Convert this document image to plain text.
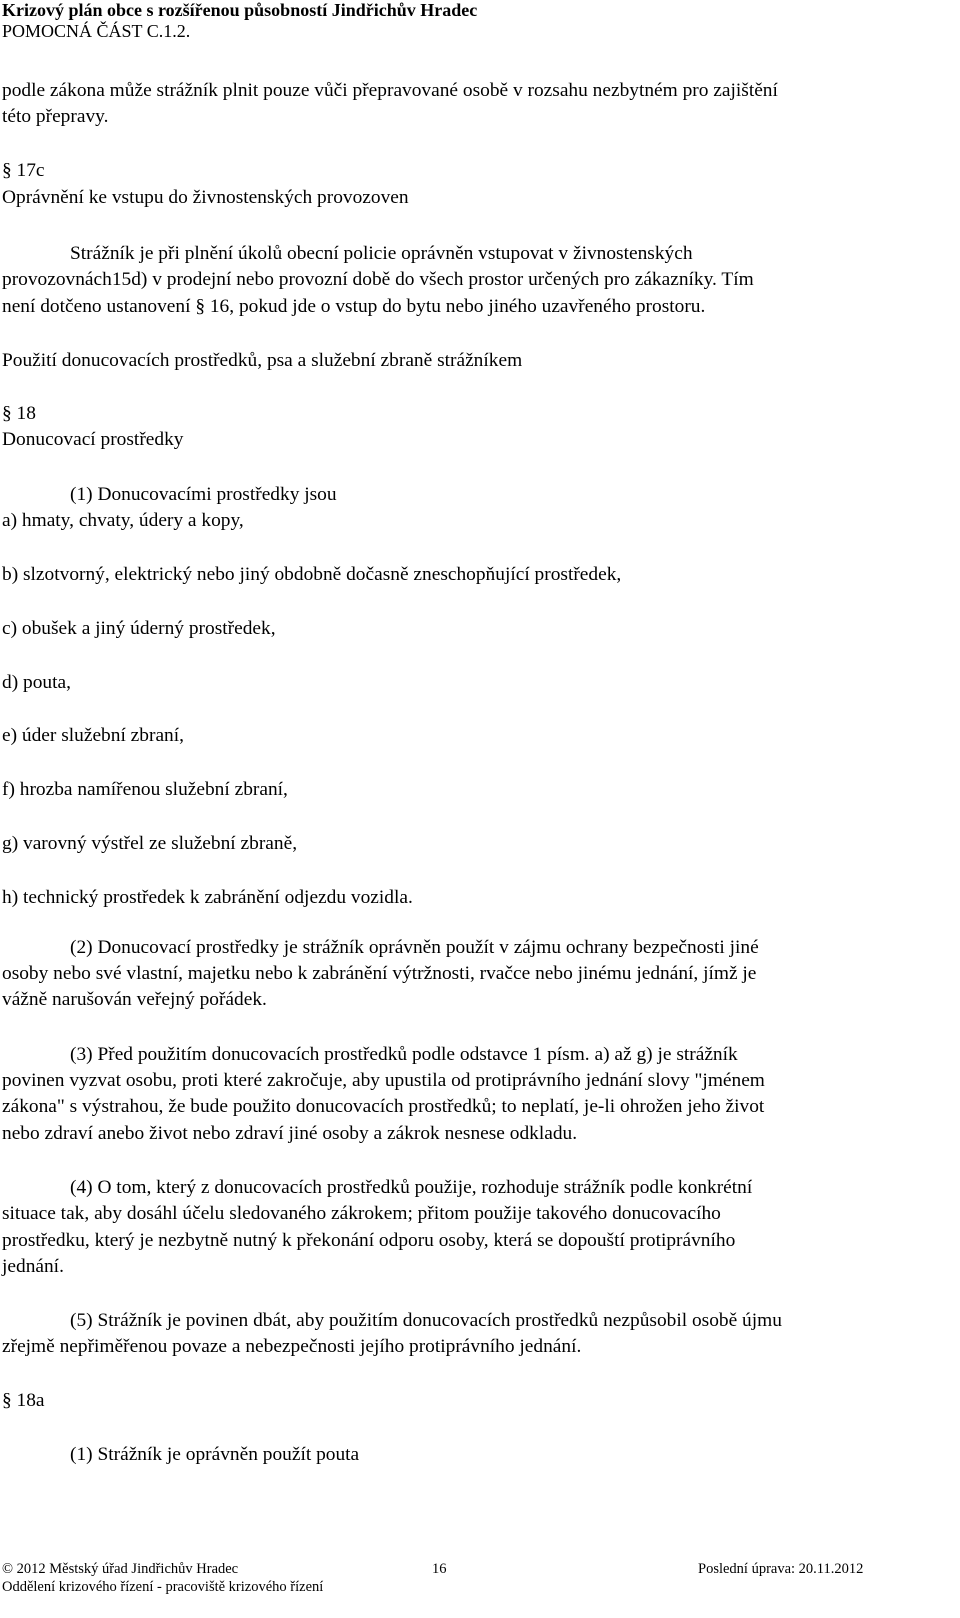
Krizový plán obce s rozšířenou působností Jindřichův Hradec
POMOCNÁ ČÁST C.1.2.
podle zákona může strážník plnit pouze vůči přepravované osobě v rozsahu nezbytném pro zajištění
této přepravy.
§ 17c
Oprávnění ke vstupu do živnostenských provozoven
Strážník je při plnění úkolů obecní policie oprávněn vstupovat v živnostenských
provozovnách15d) v prodejní nebo provozní době do všech prostor určených pro zákazníky. Tím
není dotčeno ustanovení § 16, pokud jde o vstup do bytu nebo jiného uzavřeného prostoru.
Použití donucovacích prostředků, psa a služební zbraně strážníkem
§ 18
Donucovací prostředky
(1) Donucovacími prostředky jsou
a) hmaty, chvaty, údery a kopy,
b) slzotvorný, elektrický nebo jiný obdobně dočasně zneschopňující prostředek,
c) obušek a jiný úderný prostředek,
d) pouta,
e) úder služební zbraní,
f) hrozba namířenou služební zbraní,
g) varovný výstřel ze služební zbraně,
h) technický prostředek k zabránění odjezdu vozidla.
(2) Donucovací prostředky je strážník oprávněn použít v zájmu ochrany bezpečnosti jiné
osoby nebo své vlastní, majetku nebo k zabránění výtržnosti, rvačce nebo jinému jednání, jímž je
vážně narušován veřejný pořádek.
(3) Před použitím donucovacích prostředků podle odstavce 1 písm. a) až g) je strážník
povinen vyzvat osobu, proti které zakročuje, aby upustila od protiprávního jednání slovy "jménem
zákona" s výstrahou, že bude použito donucovacích prostředků; to neplatí, je-li ohrožen jeho život
nebo zdraví anebo život nebo zdraví jiné osoby a zákrok nesnese odkladu.
(4) O tom, který z donucovacích prostředků použije, rozhoduje strážník podle konkrétní
situace tak, aby dosáhl účelu sledovaného zákrokem; přitom použije takového donucovacího
prostředku, který je nezbytně nutný k překonání odporu osoby, která se dopouští protiprávního
jednání.
(5) Strážník je povinen dbát, aby použitím donucovacích prostředků nezpůsobil osobě újmu
zřejmě nepřiměřenou povaze a nebezpečnosti jejího protiprávního jednání.
§ 18a
(1) Strážník je oprávněn použít pouta
© 2012 Městský úřad Jindřichův Hradec	16	Poslední úprava: 20.11.2012
Oddělení krizového řízení - pracoviště krizového řízení
